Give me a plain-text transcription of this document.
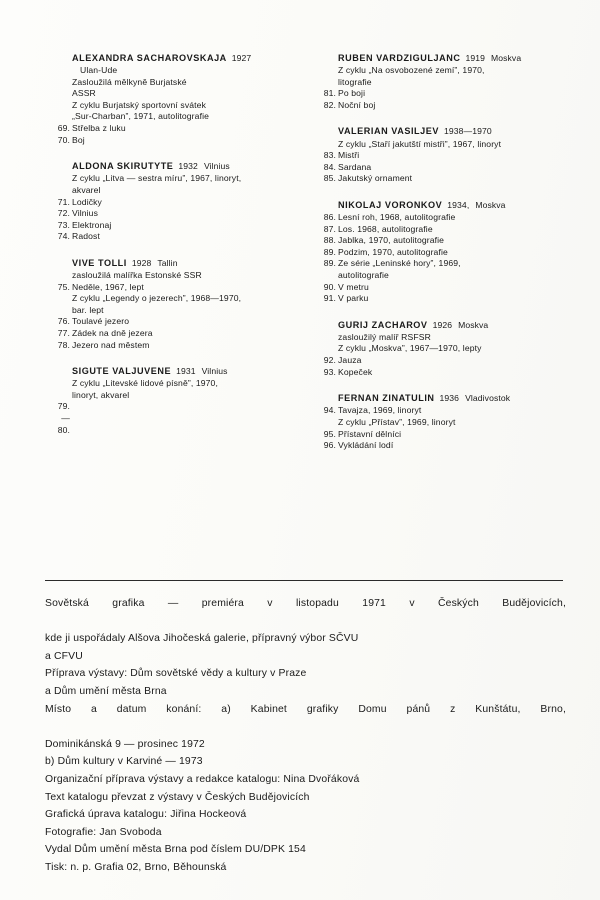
ALEXANDRA SACHAROVSKAJA 1927
Ulan-Ude
Zasloužilá mělkyně Burjatské
ASSR
Z cyklu Burjatský sportovní svátek
„Sur-Charban”, 1971, autolitografie
69. Střelba z luku
70. Boj
ALDONA SKIRUTYTE 1932 Vilnius
Z cyklu „Litva — sestra míru”, 1967, linoryt,
akvarel
71. Lodičky
72. Vilnius
73. Elektronaj
74. Radost
VIVE TOLLI 1928 Tallin
zasloužilá malířka Estonské SSR
75. Neděle, 1967, lept
Z cyklu „Legendy o jezerech”, 1968—1970,
bar. lept
76. Toulavé jezero
77. Zádek na dně jezera
78. Jezero nad městem
SIGUTE VALJUVENE 1931 Vilnius
Z cyklu „Litevské lidové písně”, 1970,
linoryt, akvarel
79.—80.

RUBEN VARDZIGULJANC 1919 Moskva
Z cyklu „Na osvobozené zemí”, 1970,
litografie
81. Po boji
82. Noční boj
VALERIAN VASILJEV 1938—1970
Z cyklu „Staří jakutští mistři”, 1967, linoryt
83. Mistři
84. Sardana
85. Jakutský ornament
NIKOLAJ VORONKOV 1934, Moskva
86. Lesní roh, 1968, autolitografie
87. Los. 1968, autolitografie
88. Jablka, 1970, autolitografie
89. Podzim, 1970, autolitografie
89. Ze série „Leninské hory”, 1969,
autolitografie
90. V metru
91. V parku
GURIJ ZACHAROV 1926 Moskva
zasloužilý malíř RSFSR
Z cyklu „Moskva”, 1967—1970, lepty
92. Jauza
93. Kopeček
FERNAN ZINATULIN 1936 Vladivostok
94. Tavajza, 1969, linoryt
Z cyklu „Přístav”, 1969, linoryt
95. Přístavní dělníci
96. Vykládání lodí
Sovětská grafika — premiéra v listopadu 1971 v Českých Budějovicích,
kde ji uspořádaly Alšova Jihočeská galerie, přípravný výbor SČVU
a CFVU
Příprava výstavy: Dům sovětské vědy a kultury v Praze
a Dům umění města Brna
Místo a datum konání: a) Kabinet grafiky Domu pánů z Kunštátu, Brno,
Dominikánská 9 — prosinec 1972
b) Dům kultury v Karviné — 1973
Organizační příprava výstavy a redakce katalogu: Nina Dvořáková
Text katalogu převzat z výstavy v Českých Budějovicích
Grafická úprava katalogu: Jiřina Hockeová
Fotografie: Jan Svoboda
Vydal Dům umění města Brna pod číslem DU/DPK 154
Tisk: n. p. Grafia 02, Brno, Běhounská
